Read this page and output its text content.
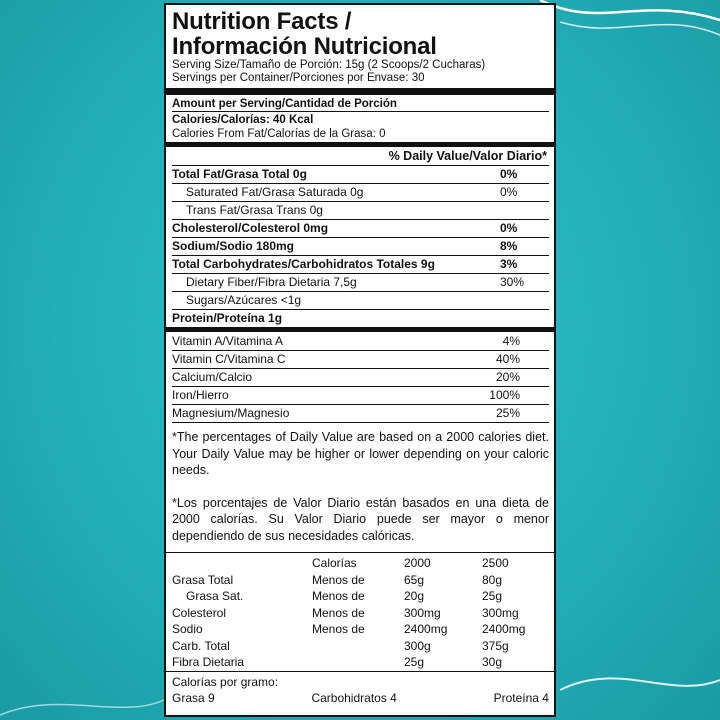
Nutrition Facts /
Información Nutricional
Serving Size/Tamaño de Porción: 15g (2 Scoops/2 Cucharas)
Servings per Container/Porciones por Envase: 30
Amount per Serving/Cantidad de Porción
Calories/Calorías: 40 Kcal
Calories From Fat/Calorías de la Grasa: 0
% Daily Value/Valor Diario*
Total Fat/Grasa Total 0g	0%
Saturated Fat/Grasa Saturada 0g	0%
Trans Fat/Grasa Trans 0g
Cholesterol/Colesterol 0mg	0%
Sodium/Sodio 180mg	8%
Total Carbohydrates/Carbohidratos Totales 9g	3%
Dietary Fiber/Fibra Dietaria 7,5g	30%
Sugars/Azúcares <1g
Protein/Proteína 1g
Vitamin A/Vitamina A	4%
Vitamin C/Vitamina C	40%
Calcium/Calcio	20%
Iron/Hierro	100%
Magnesium/Magnesio	25%

*The percentages of Daily Value are based on a 2000 calories diet. Your Daily Value may be higher or lower depending on your caloric needs.

*Los porcentajes de Valor Diario están basados en una dieta de 2000 calorías. Su Valor Diario puede ser mayor o menor dependiendo de sus necesidades calóricas.

	Calorías	2000	2500
Grasa Total	Menos de	65g	80g
Grasa Sat.	Menos de	20g	25g
Colesterol	Menos de	300mg	300mg
Sodio	Menos de	2400mg	2400mg
Carb. Total		300g	375g
Fibra Dietaria		25g	30g
Calorías por gramo:
Grasa 9	Carbohidratos 4	Proteína 4
